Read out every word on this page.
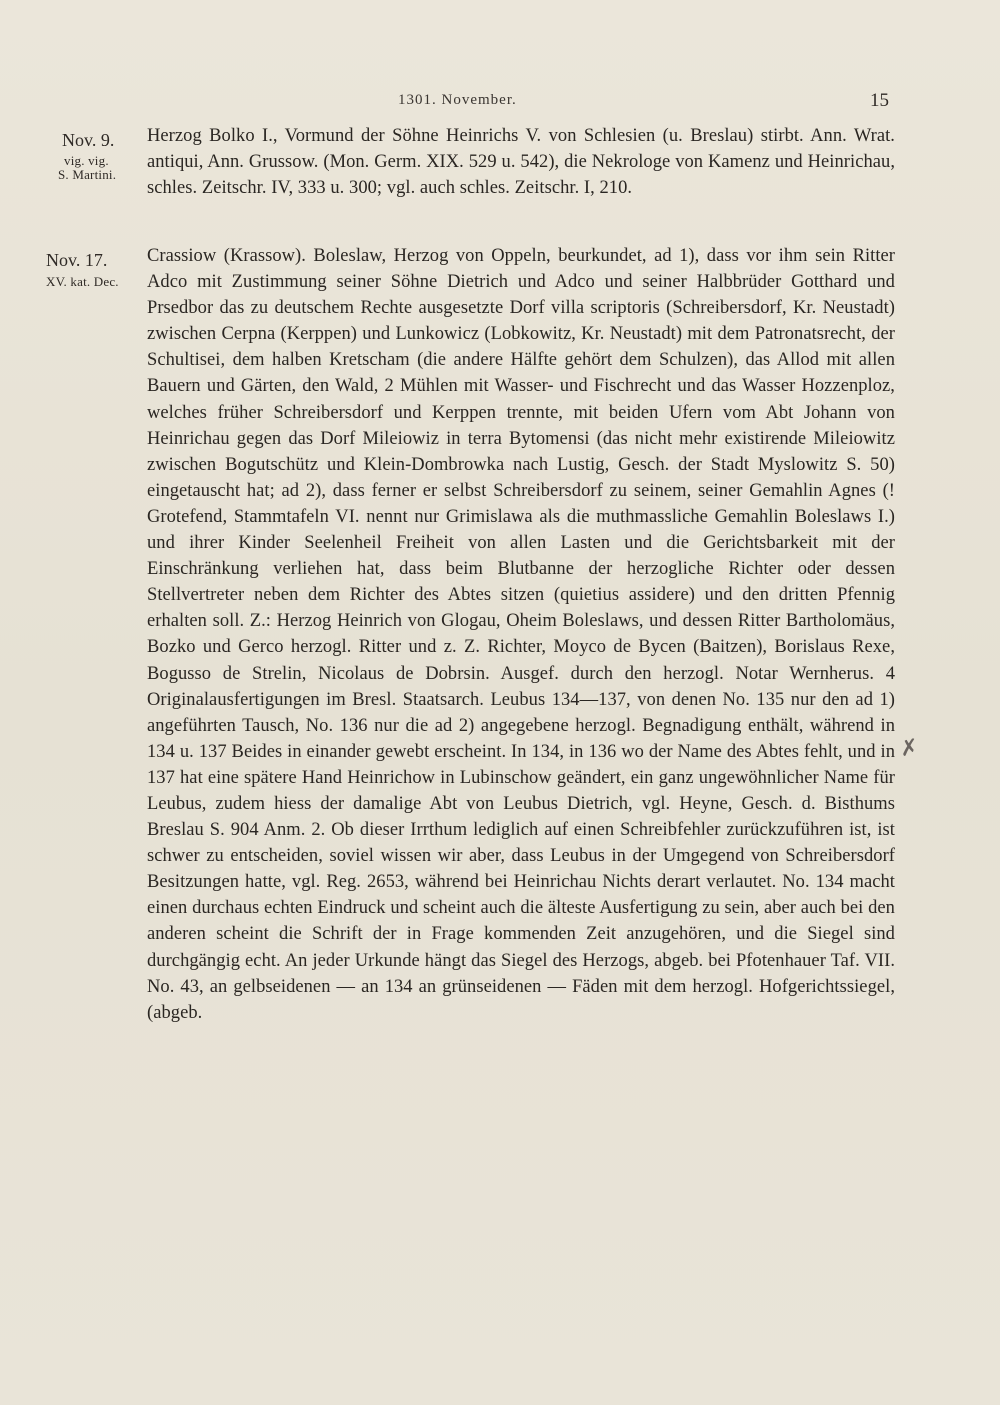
1301. November.	15
Nov. 9.
vig. vig.
S. Martini.

Herzog Bolko I., Vormund der Söhne Heinrichs V. von Schlesien (u. Breslau) stirbt. Ann. Wrat. antiqui, Ann. Grussow. (Mon. Germ. XIX. 529 u. 542), die Nekrologe von Kamenz und Heinrichau, schles. Zeitschr. IV, 333 u. 300; vgl. auch schles. Zeitschr. I, 210.

Nov. 17.
XV. kat. Dec.

Crassiow (Krassow). Boleslaw, Herzog von Oppeln, beurkundet, ad 1), dass vor ihm sein Ritter Adco mit Zustimmung seiner Söhne Dietrich und Adco und seiner Halbbrüder Gotthard und Prsedbor das zu deutschem Rechte ausgesetzte Dorf villa scriptoris (Schreibersdorf, Kr. Neustadt) zwischen Cerpna (Kerppen) und Lunkowicz (Lobkowitz, Kr. Neustadt) mit dem Patronatsrecht, der Schultisei, dem halben Kretscham (die andere Hälfte gehört dem Schulzen), das Allod mit allen Bauern und Gärten, den Wald, 2 Mühlen mit Wasser- und Fischrecht und das Wasser Hozzenploz, welches früher Schreibersdorf und Kerppen trennte, mit beiden Ufern vom Abt Johann von Heinrichau gegen das Dorf Mileiowiz in terra Bytomensi (das nicht mehr existirende Mileiowitz zwischen Bogutschütz und Klein-Dombrowka nach Lustig, Gesch. der Stadt Myslowitz S. 50) eingetauscht hat; ad 2), dass ferner er selbst Schreibersdorf zu seinem, seiner Gemahlin Agnes (! Grotefend, Stammtafeln VI. nennt nur Grimislawa als die muthmassliche Gemahlin Boleslaws I.) und ihrer Kinder Seelenheil Freiheit von allen Lasten und die Gerichtsbarkeit mit der Einschränkung verliehen hat, dass beim Blutbanne der herzogliche Richter oder dessen Stellvertreter neben dem Richter des Abtes sitzen (quietius assidere) und den dritten Pfennig erhalten soll. Z.: Herzog Heinrich von Glogau, Oheim Boleslaws, und dessen Ritter Bartholomäus, Bozko und Gerco herzogl. Ritter und z. Z. Richter, Moyco de Bycen (Baitzen), Borislaus Rexe, Bogusso de Strelin, Nicolaus de Dobrsin. Ausgef. durch den herzogl. Notar Wernherus. 4 Originalausfertigungen im Bresl. Staatsarch. Leubus 134—137, von denen No. 135 nur den ad 1) angeführten Tausch, No. 136 nur die ad 2) angegebene herzogl. Begnadigung enthält, während in 134 u. 137 Beides in einander gewebt erscheint. In 134, in 136 wo der Name des Abtes fehlt, und in 137 hat eine spätere Hand Heinrichow in Lubinschow geändert, ein ganz ungewöhnlicher Name für Leubus, zudem hiess der damalige Abt von Leubus Dietrich, vgl. Heyne, Gesch. d. Bisthums Breslau S. 904 Anm. 2. Ob dieser Irrthum lediglich auf einen Schreibfehler zurückzuführen ist, ist schwer zu entscheiden, soviel wissen wir aber, dass Leubus in der Umgegend von Schreibersdorf Besitzungen hatte, vgl. Reg. 2653, während bei Heinrichau Nichts derart verlautet. No. 134 macht einen durchaus echten Eindruck und scheint auch die älteste Ausfertigung zu sein, aber auch bei den anderen scheint die Schrift der in Frage kommenden Zeit anzugehören, und die Siegel sind durchgängig echt. An jeder Urkunde hängt das Siegel des Herzogs, abgeb. bei Pfotenhauer Taf. VII. No. 43, an gelbseidenen — an 134 an grünseidenen — Fäden mit dem herzogl. Hofgerichtssiegel, (abgeb.

✗
